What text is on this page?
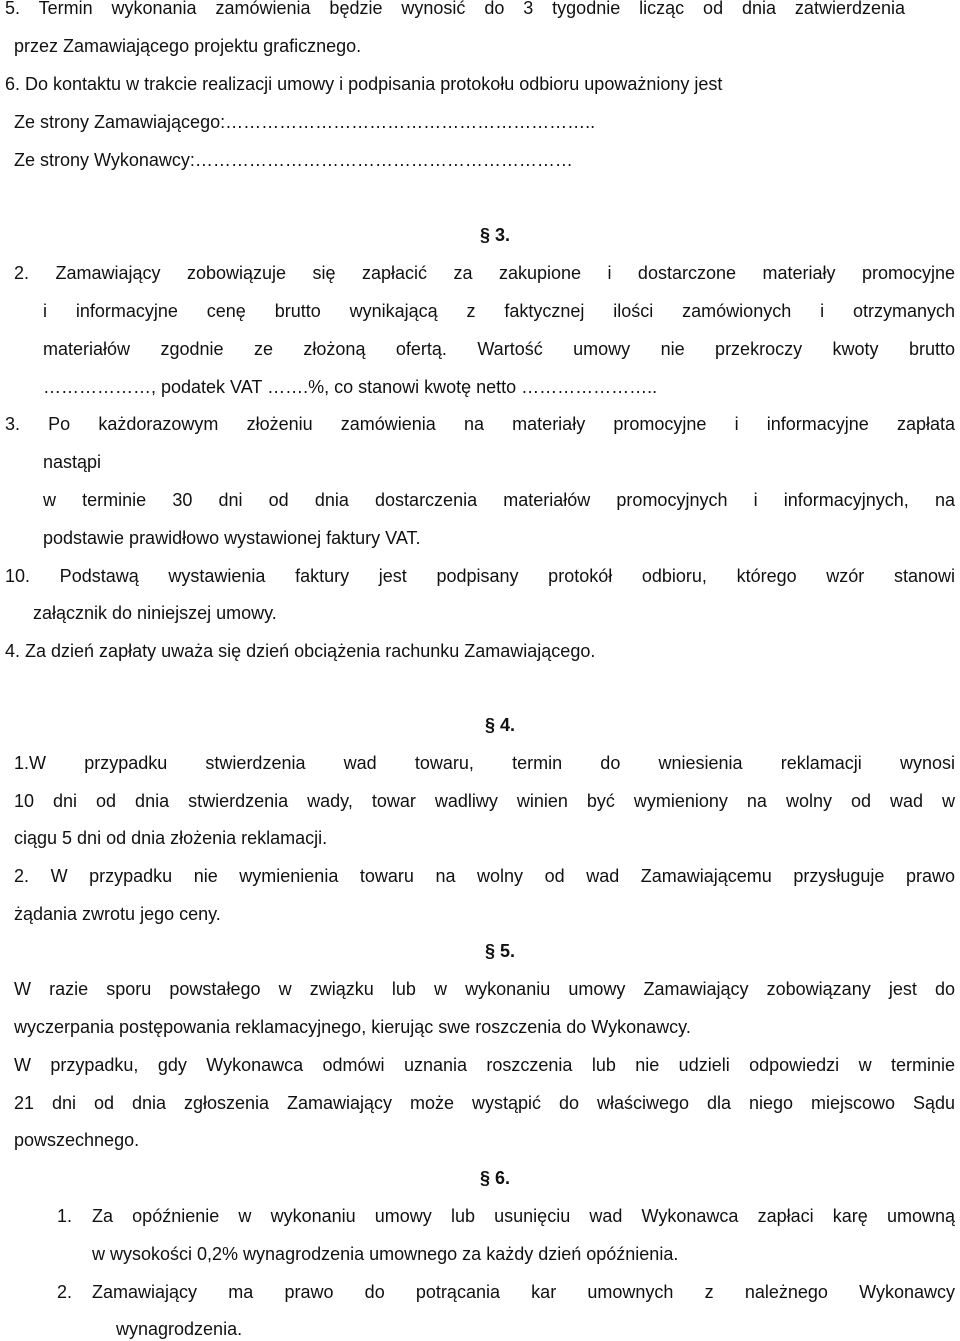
5. Termin wykonania zamówienia będzie wynosić do 3 tygodnie licząc od dnia zatwierdzenia

przez Zamawiającego projektu graficznego.

6. Do kontaktu w trakcie realizacji umowy i podpisania protokołu odbioru upoważniony jest

Ze strony Zamawiającego:……………………………………………………..

Ze strony Wykonawcy:………………………………………………………

§ 3.

2. Zamawiający zobowiązuje się zapłacić za zakupione i dostarczone materiały promocyjne

i informacyjne cenę brutto wynikającą z faktycznej ilości zamówionych i otrzymanych

materiałów zgodnie ze złożoną ofertą. Wartość umowy nie przekroczy kwoty brutto

………………, podatek VAT …….%, co stanowi kwotę netto …………………..

3. Po każdorazowym złożeniu zamówienia na materiały promocyjne i informacyjne zapłata

nastąpi

w terminie 30 dni od dnia dostarczenia materiałów promocyjnych i informacyjnych, na

podstawie prawidłowo wystawionej faktury VAT.

10. Podstawą wystawienia faktury jest podpisany protokół odbioru, którego wzór stanowi

załącznik do niniejszej umowy.

4. Za dzień zapłaty uważa się dzień obciążenia rachunku Zamawiającego.

§ 4.

1.W przypadku stwierdzenia wad towaru, termin do wniesienia reklamacji wynosi

10 dni od dnia stwierdzenia wady, towar wadliwy winien być wymieniony na wolny od wad w

ciągu 5 dni od dnia złożenia reklamacji.

2. W przypadku nie wymienienia towaru na wolny od wad Zamawiającemu przysługuje prawo

żądania zwrotu jego ceny.

§ 5.

W razie sporu powstałego w związku lub w wykonaniu umowy Zamawiający zobowiązany jest do

wyczerpania postępowania reklamacyjnego, kierując swe roszczenia do Wykonawcy.

W przypadku, gdy Wykonawca odmówi uznania roszczenia lub nie udzieli odpowiedzi w terminie

21 dni od dnia zgłoszenia Zamawiający może wystąpić do właściwego dla niego miejscowo Sądu

powszechnego.

§ 6.

1. Za opóźnienie w wykonaniu umowy lub usunięciu wad Wykonawca zapłaci karę umowną

w wysokości 0,2% wynagrodzenia umownego za każdy dzień opóźnienia.

2. Zamawiający ma prawo do potrącania kar umownych z należnego Wykonawcy

wynagrodzenia.
